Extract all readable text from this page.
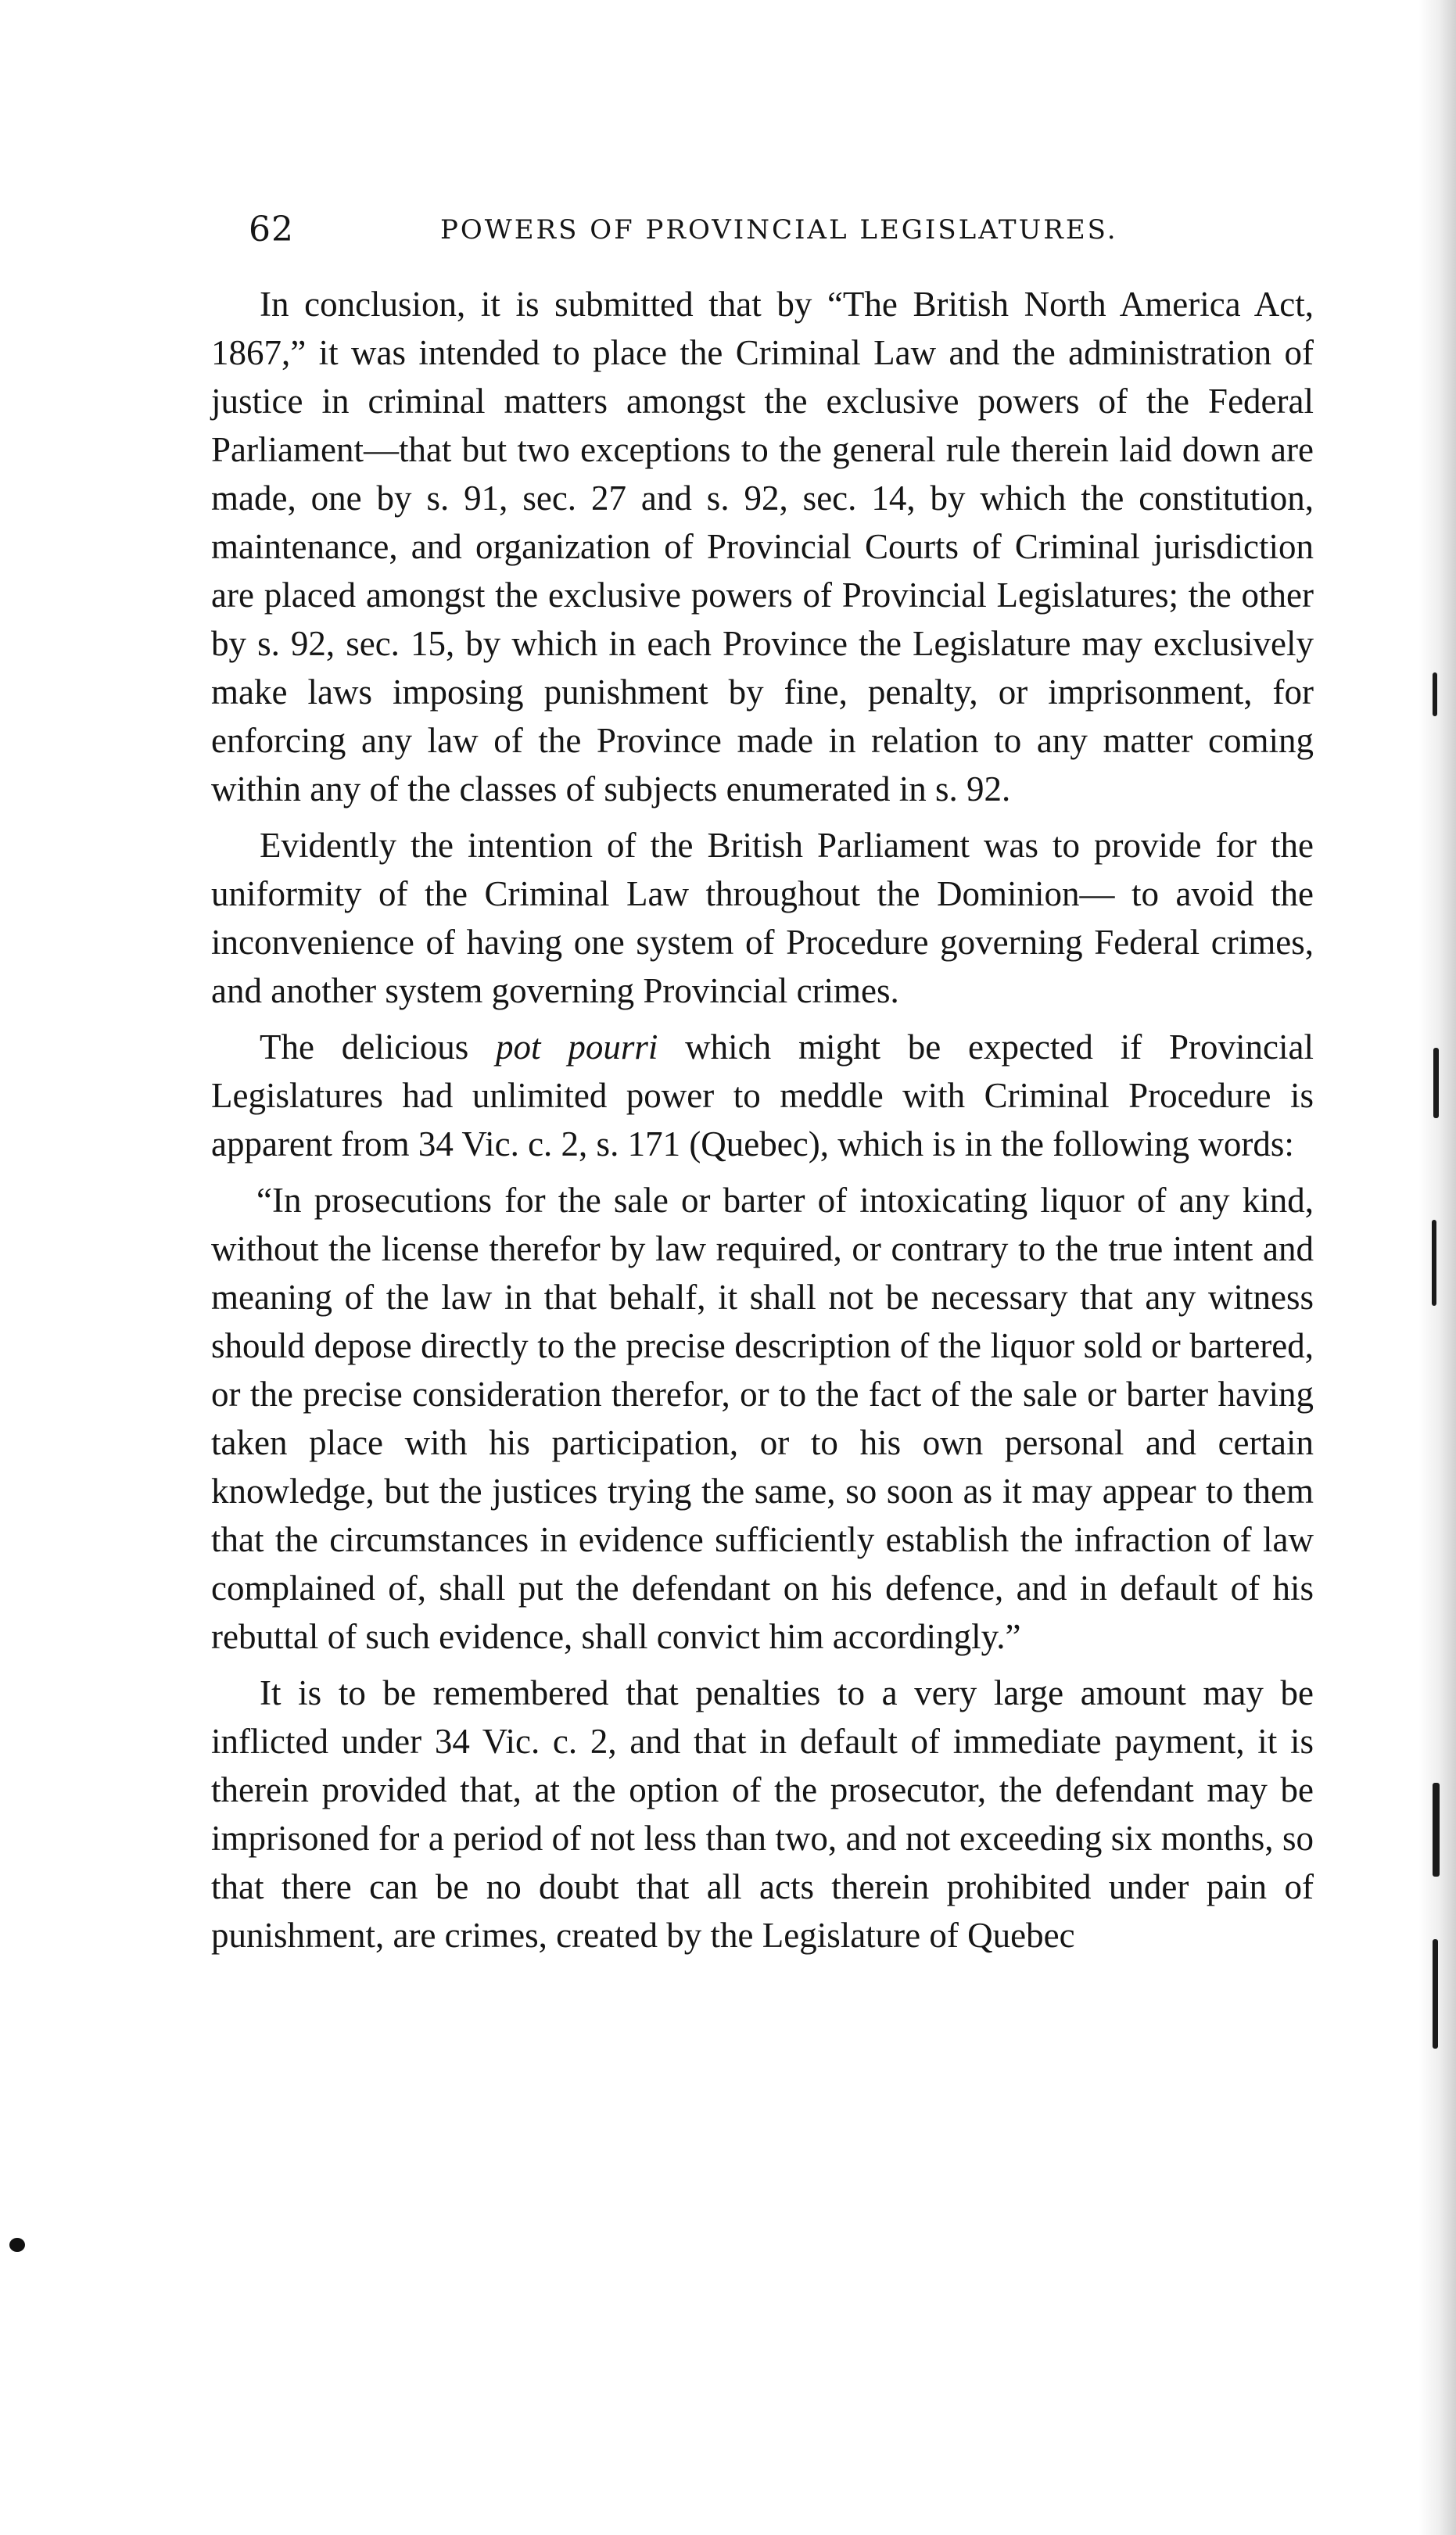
62	POWERS OF PROVINCIAL LEGISLATURES.

In conclusion, it is submitted that by “The British North America Act, 1867,” it was intended to place the Criminal Law and the administration of justice in criminal matters amongst the exclusive powers of the Federal Parliament—that but two exceptions to the general rule therein laid down are made, one by s. 91, sec. 27 and s. 92, sec. 14, by which the constitution, maintenance, and organization of Provincial Courts of Criminal jurisdiction are placed amongst the exclusive powers of Provincial Legislatures; the other by s. 92, sec. 15, by which in each Province the Legislature may exclusively make laws imposing punishment by fine, penalty, or imprisonment, for enforcing any law of the Province made in relation to any matter coming within any of the classes of subjects enumerated in s. 92.

Evidently the intention of the British Parliament was to provide for the uniformity of the Criminal Law throughout the Dominion— to avoid the inconvenience of having one system of Procedure governing Federal crimes, and another system governing Provincial crimes.

The delicious pot pourri which might be expected if Provincial Legislatures had unlimited power to meddle with Criminal Procedure is apparent from 34 Vic. c. 2, s. 171 (Quebec), which is in the following words:

“In prosecutions for the sale or barter of intoxicating liquor of any kind, without the license therefor by law required, or contrary to the true intent and meaning of the law in that behalf, it shall not be necessary that any witness should depose directly to the precise description of the liquor sold or bartered, or the precise consideration therefor, or to the fact of the sale or barter having taken place with his participation, or to his own personal and certain knowledge, but the justices trying the same, so soon as it may appear to them that the circumstances in evidence sufficiently establish the infraction of law complained of, shall put the defendant on his defence, and in default of his rebuttal of such evidence, shall convict him accordingly.”

It is to be remembered that penalties to a very large amount may be inflicted under 34 Vic. c. 2, and that in default of immediate payment, it is therein provided that, at the option of the prosecutor, the defendant may be imprisoned for a period of not less than two, and not exceeding six months, so that there can be no doubt that all acts therein prohibited under pain of punishment, are crimes, created by the Legislature of Quebec
